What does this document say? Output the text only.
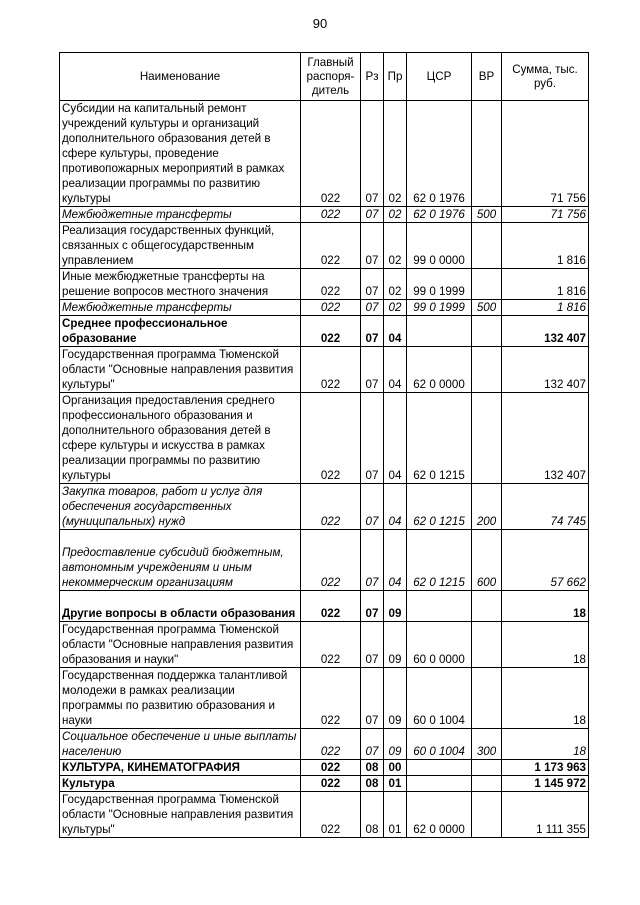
90
Наименование	Главный распоря-дитель	Рз	Пр	ЦСР	ВР	Сумма, тыс. руб.
Субсидии на капитальный ремонт учреждений культуры и организаций дополнительного образования детей в сфере культуры, проведение противопожарных мероприятий в рамках реализации программы по развитию культуры	022	07	02	62 0 1976		71 756
Межбюджетные трансферты	022	07	02	62 0 1976	500	71 756
Реализация государственных функций, связанных с общегосударственным управлением	022	07	02	99 0 0000		1 816
Иные межбюджетные трансферты на решение вопросов местного значения	022	07	02	99 0 1999		1 816
Межбюджетные трансферты	022	07	02	99 0 1999	500	1 816
Среднее профессиональное образование	022	07	04			132 407
Государственная программа Тюменской области "Основные направления развития культуры"	022	07	04	62 0 0000		132 407
Организация предоставления среднего профессионального образования и дополнительного образования детей в сфере культуры и искусства в рамках реализации программы по развитию культуры	022	07	04	62 0 1215		132 407
Закупка товаров, работ и услуг для обеспечения государственных (муниципальных) нужд	022	07	04	62 0 1215	200	74 745
Предоставление субсидий бюджетным, автономным учреждениям и иным некоммерческим организациям	022	07	04	62 0 1215	600	57 662
Другие вопросы в области образования	022	07	09			18
Государственная программа Тюменской области "Основные направления развития образования и науки"	022	07	09	60 0 0000		18
Государственная поддержка талантливой молодежи в рамках реализации программы по развитию образования и науки	022	07	09	60 0 1004		18
Социальное обеспечение и иные выплаты населению	022	07	09	60 0 1004	300	18
КУЛЬТУРА, КИНЕМАТОГРАФИЯ	022	08	00			1 173 963
Культура	022	08	01			1 145 972
Государственная программа Тюменской области "Основные направления развития культуры"	022	08	01	62 0 0000		1 111 355
